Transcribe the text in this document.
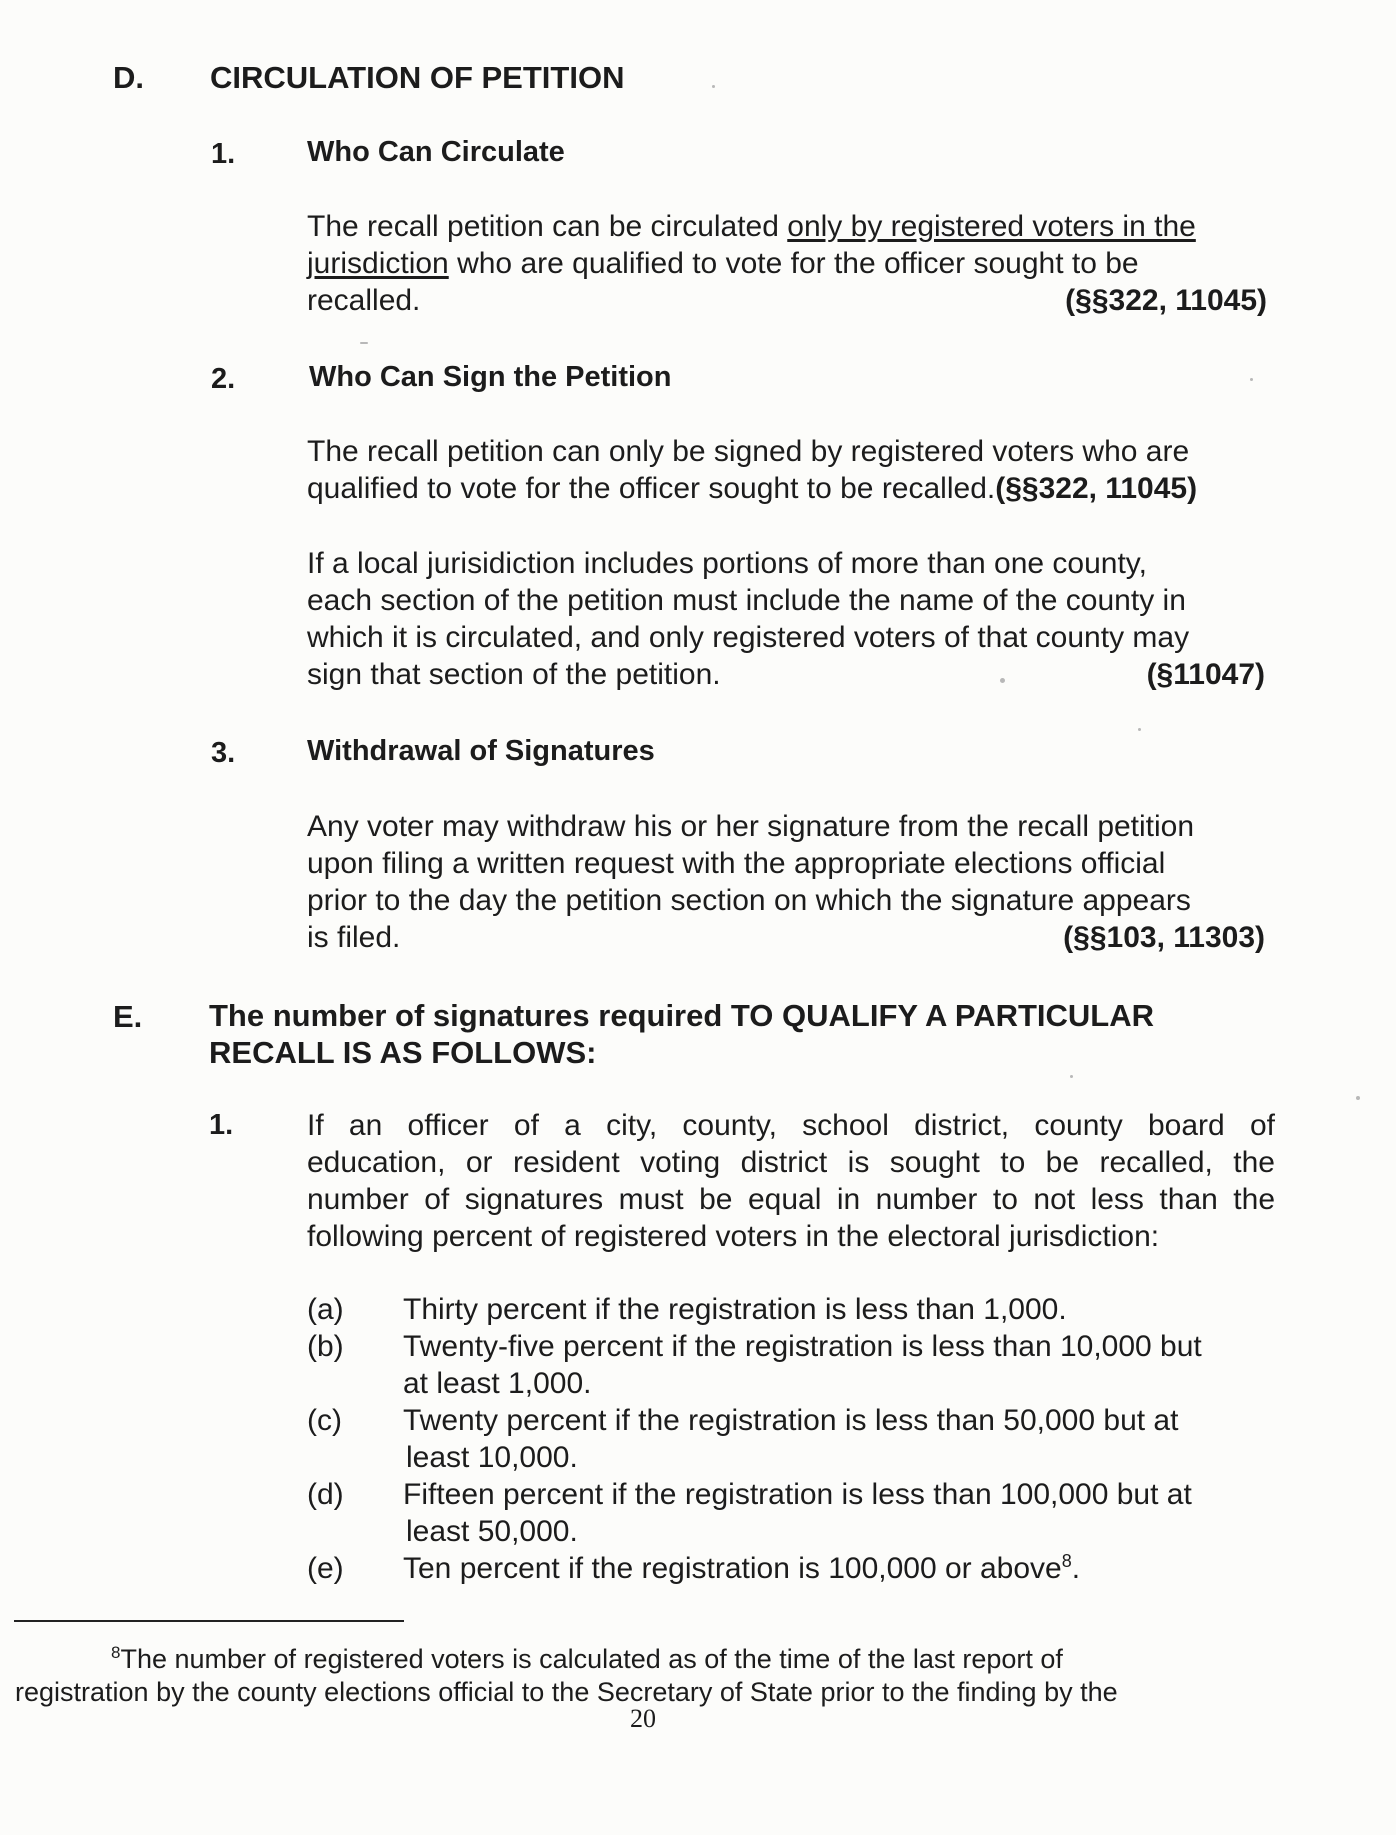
D. CIRCULATION OF PETITION
1. Who Can Circulate
The recall petition can be circulated only by registered voters in the
jurisdiction who are qualified to vote for the officer sought to be
recalled.	(§§322, 11045)
2.	Who Can Sign the Petition
The recall petition can only be signed by registered voters who are
qualified to vote for the officer sought to be recalled.(§§322, 11045)
If a local jurisidiction includes portions of more than one county,
each section of the petition must include the name of the county in
which it is circulated, and only registered voters of that county may
sign that section of the petition.	(§11047)
3. Withdrawal of Signatures
Any voter may withdraw his or her signature from the recall petition
upon filing a written request with the appropriate elections official
prior to the day the petition section on which the signature appears
is filed.	(§§103, 11303)
E. The number of signatures required TO QUALIFY A PARTICULAR
RECALL IS AS FOLLOWS:
1. If an officer of a city, county, school district, county board of
education, or resident voting district is sought to be recalled, the
number of signatures must be equal in number to not less than the
following percent of registered voters in the electoral jurisdiction:
(a)	Thirty percent if the registration is less than 1,000.
(b)	Twenty-five percent if the registration is less than 10,000 but
at least 1,000.
(c)	Twenty percent if the registration is less than 50,000 but at
least 10,000.
(d)	Fifteen percent if the registration is less than 100,000 but at
least 50,000.
(e)	Ten percent if the registration is 100,000 or above$^8$.
$^8$The number of registered voters is calculated as of the time of the last report of
registration by the county elections official to the Secretary of State prior to the finding by the
20
